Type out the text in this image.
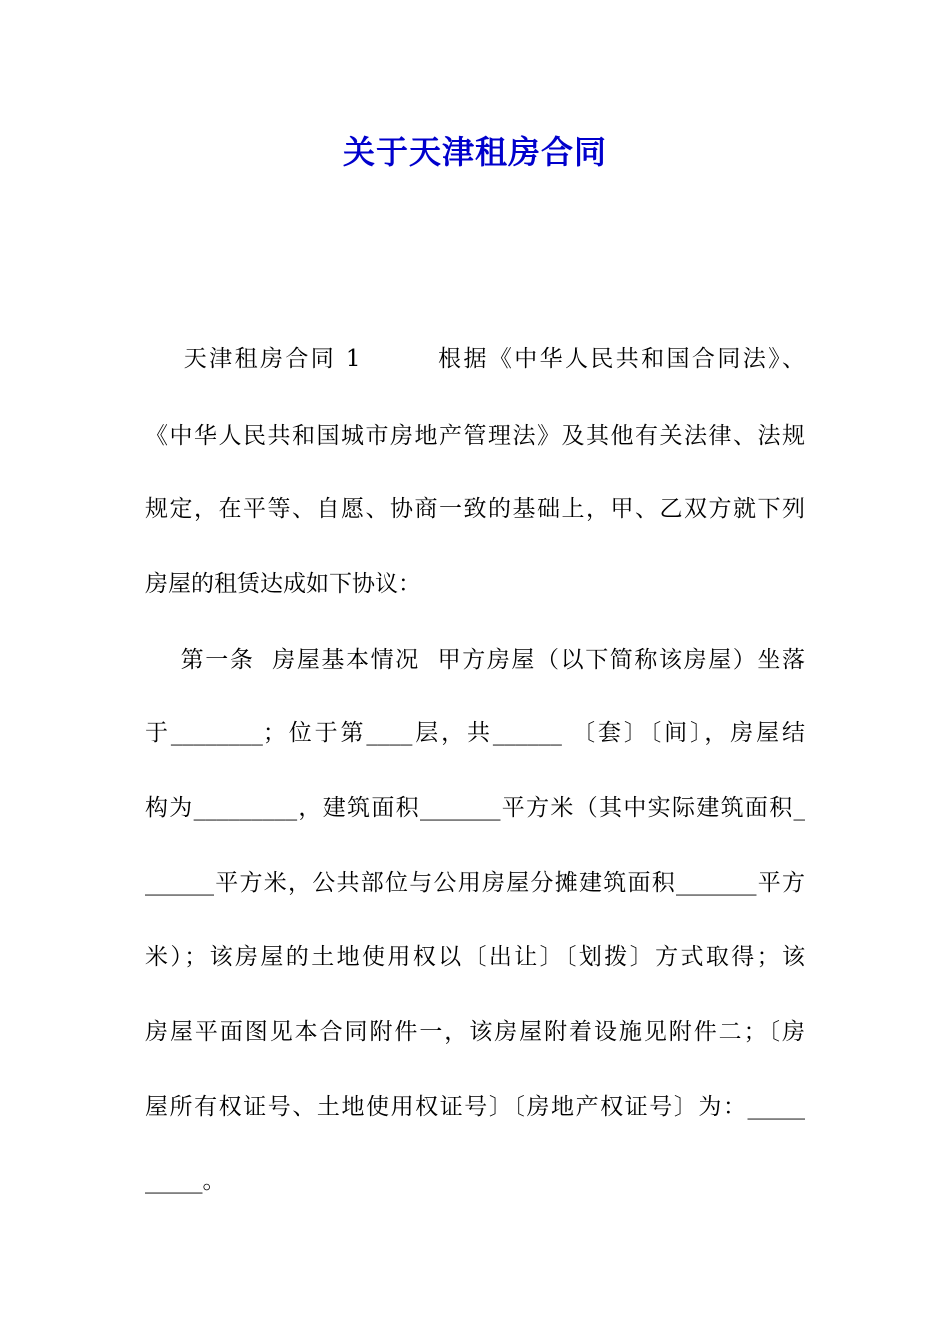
关于天津租房合同
天津租房合同 1        根据《中华人民共和国合同法》、
《中华人民共和国城市房地产管理法》及其他有关法律、法规
规定，在平等、自愿、协商一致的基础上，甲、乙双方就下列
房屋的租赁达成如下协议：
第一条  房屋基本情况  甲方房屋（以下简称该房屋）坐落
于________；位于第____层，共______ 〔套〕〔间〕，房屋结
构为_________，建筑面积_______平方米（其中实际建筑面积_
______平方米，公共部位与公用房屋分摊建筑面积_______平方
米）；该房屋的土地使用权以〔出让〕〔划拨〕方式取得；该
房屋平面图见本合同附件一，该房屋附着设施见附件二；〔房
屋所有权证号、土地使用权证号〕〔房地产权证号〕为：_____
_____。
